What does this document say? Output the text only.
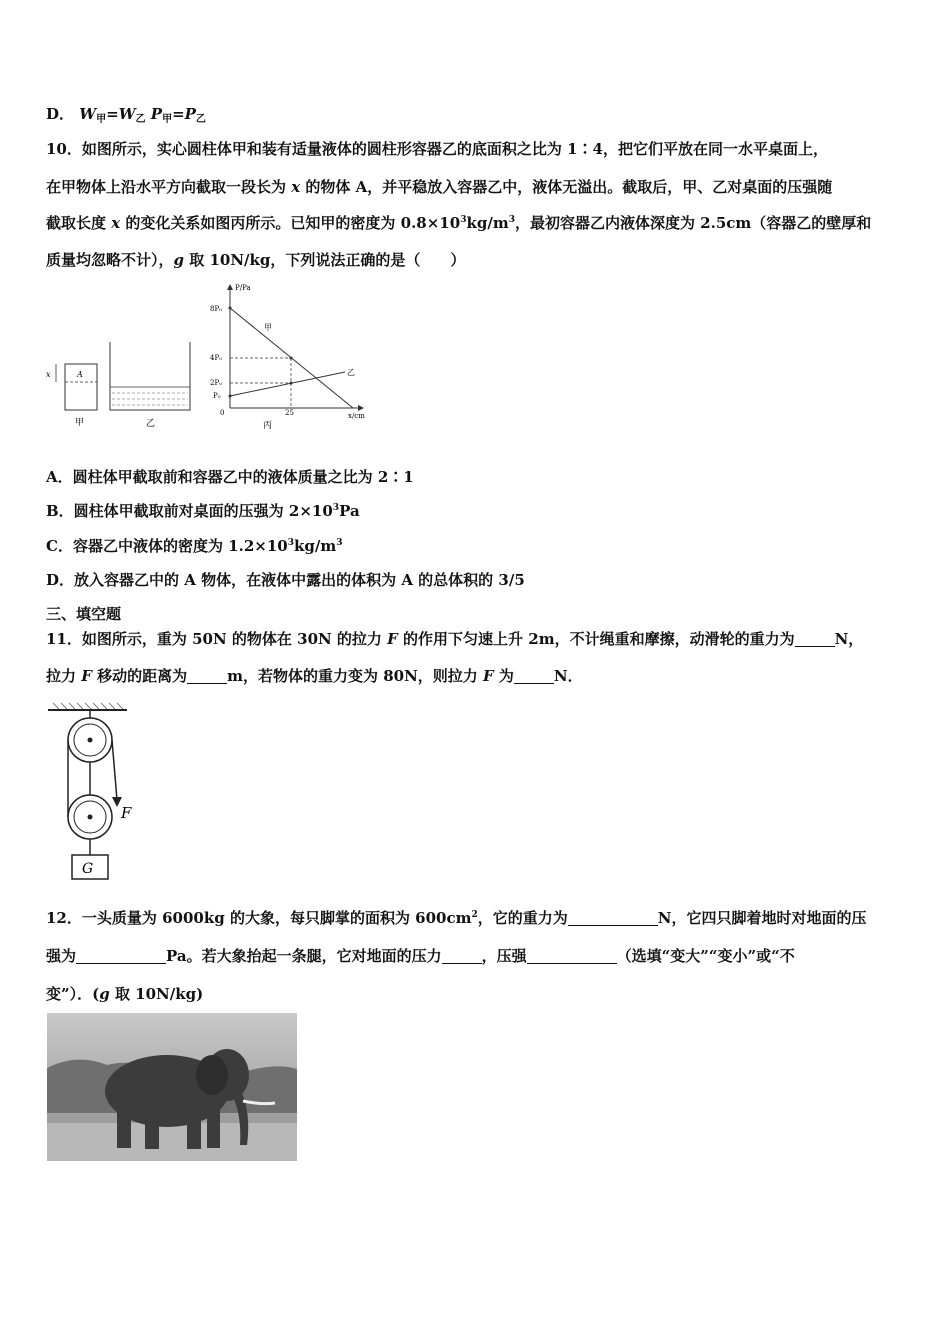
D． $W_甲=W_乙$ $P_甲=P_乙$
10．如图所示，实心圆柱体甲和装有适量液体的圆柱形容器乙的底面积之比为 1∶4，把它们平放在同一水平桌面上，
在甲物体上沿水平方向截取一段长为 x 的物体 A，并平稳放入容器乙中，液体无溢出。截取后，甲、乙对桌面的压强随
截取长度 x 的变化关系如图丙所示。已知甲的密度为 $0.8\times 10^3kg/m^3$，最初容器乙内液体深度为 2.5cm（容器乙的壁厚和
质量均忽略不计），g 取 10N/kg，下列说法正确的是（　　）
x	A
甲	乙
P/Pa
x/cm
8P₀
4P₀
2P₀
P₀
0	25
甲
乙
丙
A．圆柱体甲截取前和容器乙中的液体质量之比为 2∶1
B．圆柱体甲截取前对桌面的压强为 $2\times 10^3Pa$
C．容器乙中液体的密度为 $1.2\times 10^3kg/m^3$
D．放入容器乙中的 A 物体，在液体中露出的体积为 A 的总体积的 3/5
三、填空题
11．如图所示，重为 50N 的物体在 30N 的拉力 F 的作用下匀速上升 2m，不计绳重和摩擦，动滑轮的重力为	N，
拉力 F 移动的距离为	m，若物体的重力变为 80N，则拉力 F 为	N．
F
G
12．一头质量为 6000kg 的大象，每只脚掌的面积为 $600cm^2$，它的重力为	N，它四只脚着地时对地面的压
强为	Pa。若大象抬起一条腿，它对地面的压力	，压强	（选填“变大”“变小”或“不
变”）．(g 取 10N/kg)
